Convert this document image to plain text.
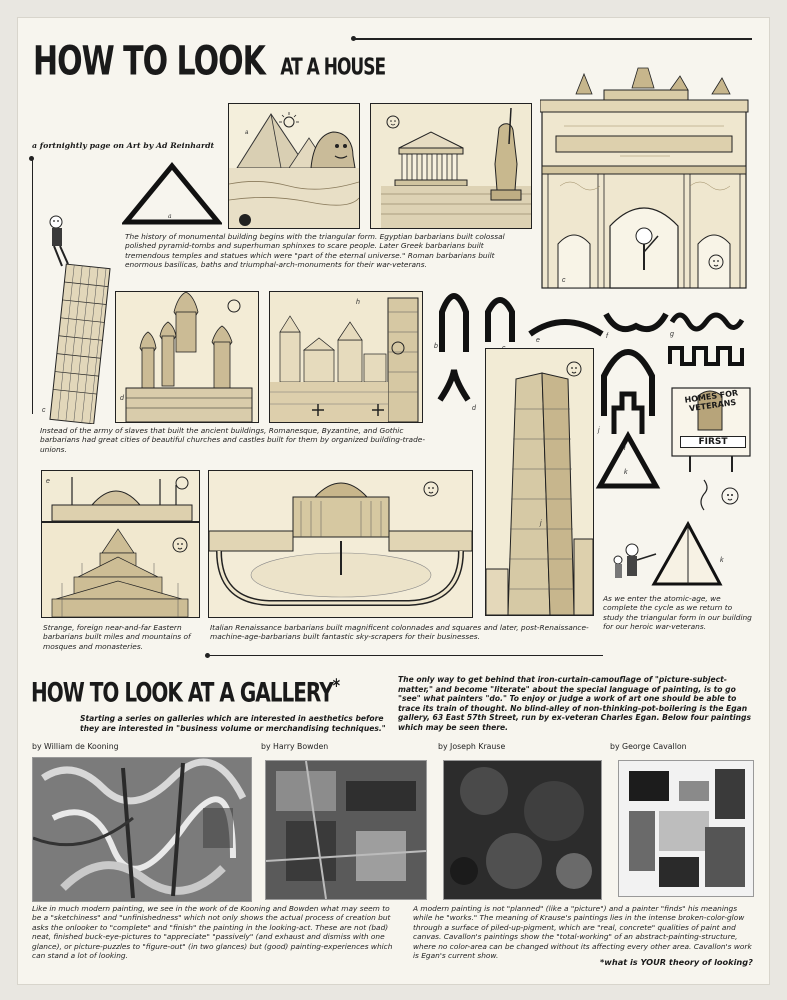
HOW TO LOOK AT A HOUSE
a fortnightly page on Art by Ad Reinhardt
a
a
c
The history of monumental building begins with the triangular form. Egyptian barbarians built colossal polished pyramid-tombs and superhuman sphinxes to scare people. Later Greek barbarians built tremendous temples and statues which were "part of the eternal universe." Roman barbarians built enormous basilicas, baths and triumphal-arch-monuments for their war-veterans.
c
d
h
d
b
e
f	g
j
k
i
HOMES FOR VETERANS
FIRST
Instead of the army of slaves that built the ancient buildings, Romanesque, Byzantine, and Gothic barbarians had great cities of beautiful churches and castles built for them by organized building-trade-unions.
j
e
k
Strange, foreign near-and-far Eastern barbarians built miles and mountains of mosques and monasteries.
Italian Renaissance barbarians built magnificent colonnades and squares and later, post-Renaissance-machine-age-barbarians built fantastic sky-scrapers for their businesses.
As we enter the atomic-age, we complete the cycle as we return to study the triangular form in our building for our heroic war-veterans.
HOW TO LOOK AT A GALLERY*
Starting a series on galleries which are interested in aesthetics before they are interested in "business volume or merchandising techniques."
The only way to get behind that iron-curtain-camouflage of "picture-subject-matter," and become "literate" about the special language of painting, is to go "see" what painters "do." To enjoy or judge a work of art one should be able to trace its train of thought. No blind-alley of non-thinking-pot-boilering is the Egan gallery, 63 East 57th Street, run by ex-veteran Charles Egan. Below four paintings which may be seen there.
by William de Kooning	by Harry Bowden	by Joseph Krause	by George Cavallon
Like in much modern painting, we see in the work of de Kooning and Bowden what may seem to be a "sketchiness" and "unfinishedness" which not only shows the actual process of creation but asks the onlooker to "complete" and "finish" the painting in the looking-act. These are not (bad) neat, finished buck-eye-pictures to "appreciate" "passively" (and exhaust and dismiss with one glance), or picture-puzzles to "figure-out" (in two glances) but (good) painting-experiences which can stand a lot of looking.
A modern painting is not "planned" (like a "picture") and a painter "finds" his meanings while he "works." The meaning of Krause's paintings lies in the intense broken-color-glow through a surface of piled-up-pigment, which are "real, concrete" qualities of paint and canvas. Cavallon's paintings show the "total-working" of an abstract-painting-structure, where no color-area can be changed without its affecting every other area. Cavallon's work is Egan's current show.
*what is YOUR theory of looking?
